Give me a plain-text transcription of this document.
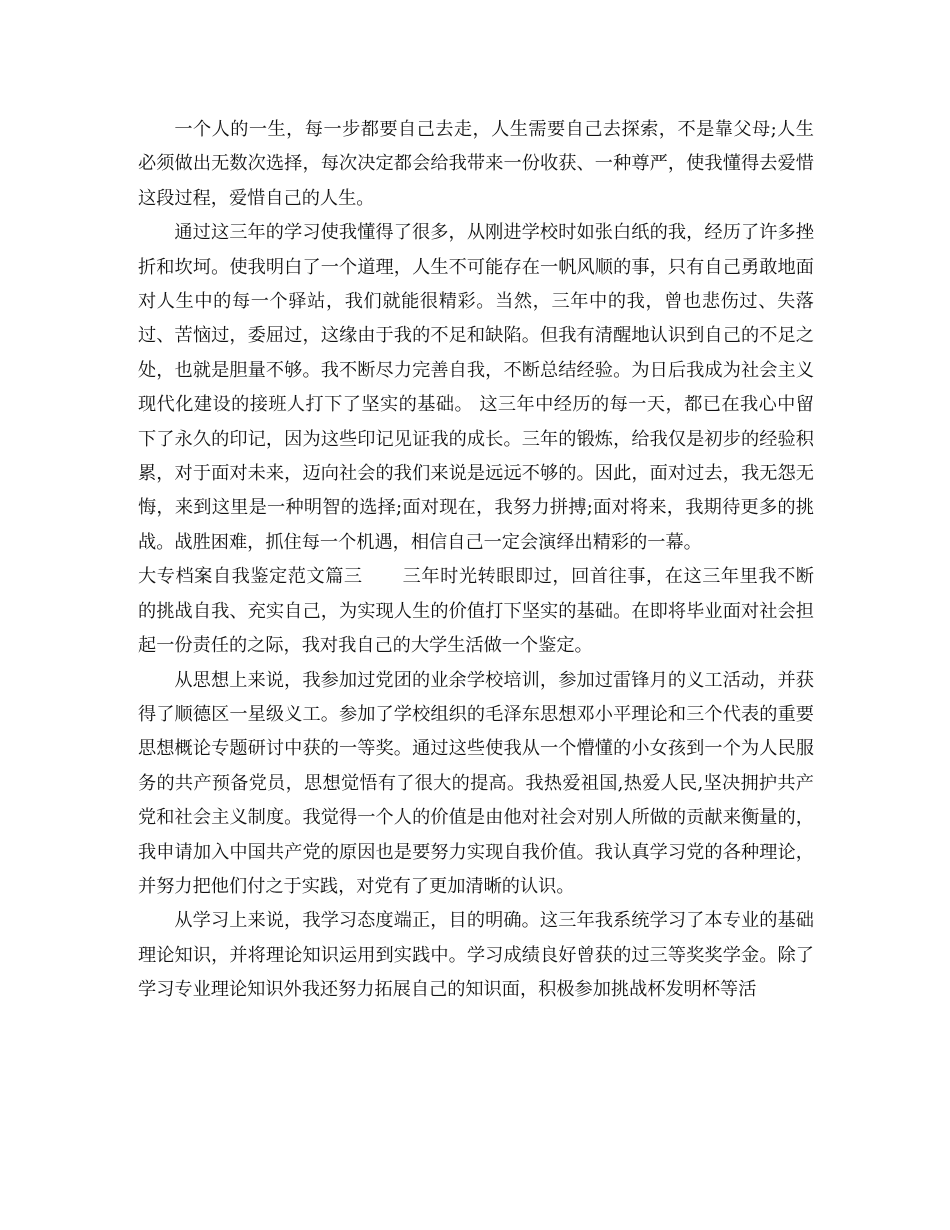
一个人的一生，每一步都要自己去走，人生需要自己去探索，不是靠父母;人生必须做出无数次选择，每次决定都会给我带来一份收获、一种尊严，使我懂得去爱惜这段过程，爱惜自己的人生。

通过这三年的学习使我懂得了很多，从刚进学校时如张白纸的我，经历了许多挫折和坎坷。使我明白了一个道理，人生不可能存在一帆风顺的事，只有自己勇敢地面对人生中的每一个驿站，我们就能很精彩。当然，三年中的我，曾也悲伤过、失落过、苦恼过，委屈过，这缘由于我的不足和缺陷。但我有清醒地认识到自己的不足之处，也就是胆量不够。我不断尽力完善自我，不断总结经验。为日后我成为社会主义现代化建设的接班人打下了坚实的基础。 这三年中经历的每一天，都已在我心中留下了永久的印记，因为这些印记见证我的成长。三年的锻炼，给我仅是初步的经验积累，对于面对未来，迈向社会的我们来说是远远不够的。因此，面对过去，我无怨无悔，来到这里是一种明智的选择;面对现在，我努力拼搏;面对将来，我期待更多的挑战。战胜困难，抓住每一个机遇，相信自己一定会演绎出精彩的一幕。

大专档案自我鉴定范文篇三 三年时光转眼即过，回首往事，在这三年里我不断的挑战自我、充实自己，为实现人生的价值打下坚实的基础。在即将毕业面对社会担起一份责任的之际，我对我自己的大学生活做一个鉴定。

从思想上来说，我参加过党团的业余学校培训，参加过雷锋月的义工活动，并获得了顺德区一星级义工。参加了学校组织的毛泽东思想邓小平理论和三个代表的重要思想概论专题研讨中获的一等奖。通过这些使我从一个懵懂的小女孩到一个为人民服务的共产预备党员，思想觉悟有了很大的提高。我热爱祖国,热爱人民,坚决拥护共产党和社会主义制度。我觉得一个人的价值是由他对社会对别人所做的贡献来衡量的，我申请加入中国共产党的原因也是要努力实现自我价值。我认真学习党的各种理论，并努力把他们付之于实践，对党有了更加清晰的认识。

从学习上来说，我学习态度端正，目的明确。这三年我系统学习了本专业的基础理论知识，并将理论知识运用到实践中。学习成绩良好曾获的过三等奖奖学金。除了学习专业理论知识外我还努力拓展自己的知识面，积极参加挑战杯发明杯等活
